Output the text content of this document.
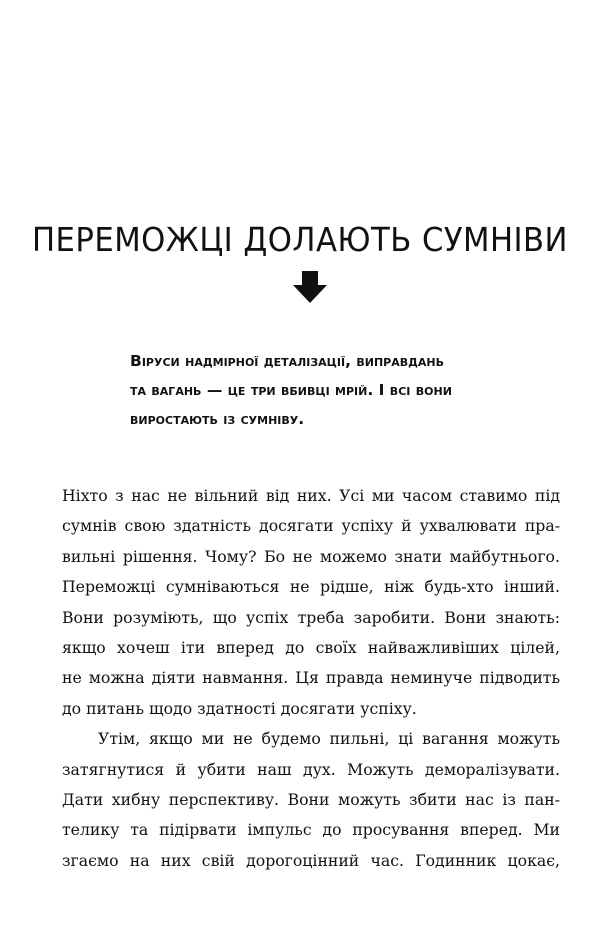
ПЕРЕМОЖЦІ ДОЛАЮТЬ СУМНІВИ

Віруси надмірної деталізації, виправдань
та вагань — це три вбивці мрій. І всі вони
виростають із сумніву.

Ніхто з нас не вільний від них. Усі ми часом ставимо під
сумнів свою здатність досягати успіху й ухвалювати пра-
вильні рішення. Чому? Бо не можемо знати майбутнього.
Переможці сумніваються не рідше, ніж будь-хто інший.
Вони розуміють, що успіх треба заробити. Вони знають:
якщо хочеш іти вперед до своїх найважливіших цілей,
не можна діяти навмання. Ця правда неминуче підводить
до питань щодо здатності досягати успіху.
Утім, якщо ми не будемо пильні, ці вагання можуть
затягнутися й убити наш дух. Можуть деморалізувати.
Дати хибну перспективу. Вони можуть збити нас із пан-
телику та підірвати імпульс до просування вперед. Ми
згаємо на них свій дорогоцінний час. Годинник цокає,
